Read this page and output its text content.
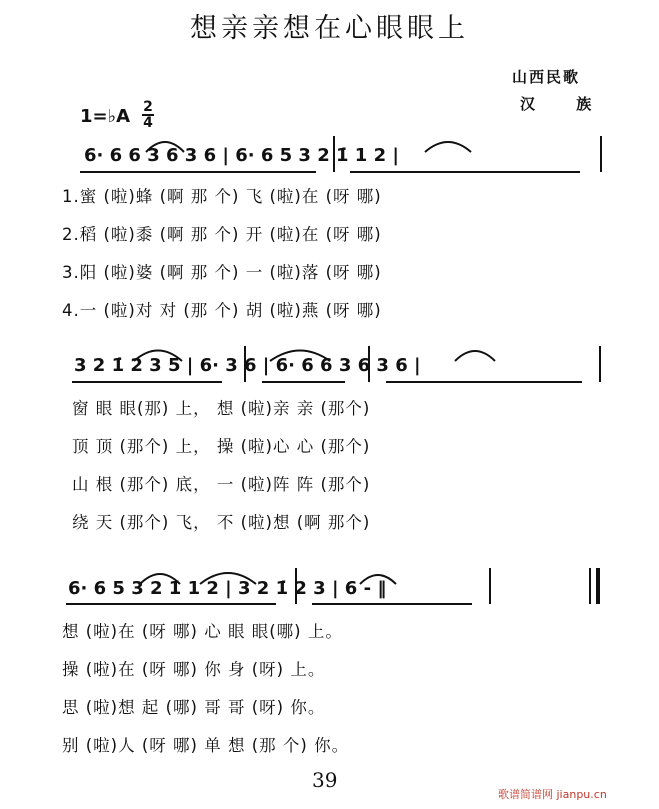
想亲亲想在心眼眼上
山西民歌
汉 族
1=♭A 2
4
6· 6 6 3 6 3 6 | 6· 6 5 3 2 1̇ 1 2 |
1.蜜 (啦)蜂 (啊 那 个) 飞 (啦)在 (呀 哪)
2.稻 (啦)黍 (啊 那 个) 开 (啦)在 (呀 哪)
3.阳 (啦)婆 (啊 那 个) 一 (啦)落 (呀 哪)
4.一 (啦)对 对 (那 个) 胡 (啦)燕 (呀 哪)
3 2 1̇ 2 3 5 | 6· 3 6 | 6· 6 6 3 6 3 6 |
窗 眼 眼(那) 上， 想 (啦)亲 亲 (那个)
顶 顶 (那个) 上， 操 (啦)心 心 (那个)
山 根 (那个) 底， 一 (啦)阵 阵 (那个)
绕 天 (那个) 飞， 不 (啦)想 (啊 那个)
6· 6 5 3 2 1̇ 1 2 | 3 2 1̇ 2 3 | 6 - ‖
想 (啦)在 (呀 哪) 心 眼 眼(哪) 上。
操 (啦)在 (呀 哪) 你 身 (呀) 上。
思 (啦)想 起 (哪) 哥 哥 (呀) 你。
别 (啦)人 (呀 哪) 单 想 (那 个) 你。
39
歌谱简谱网 jianpu.cn
